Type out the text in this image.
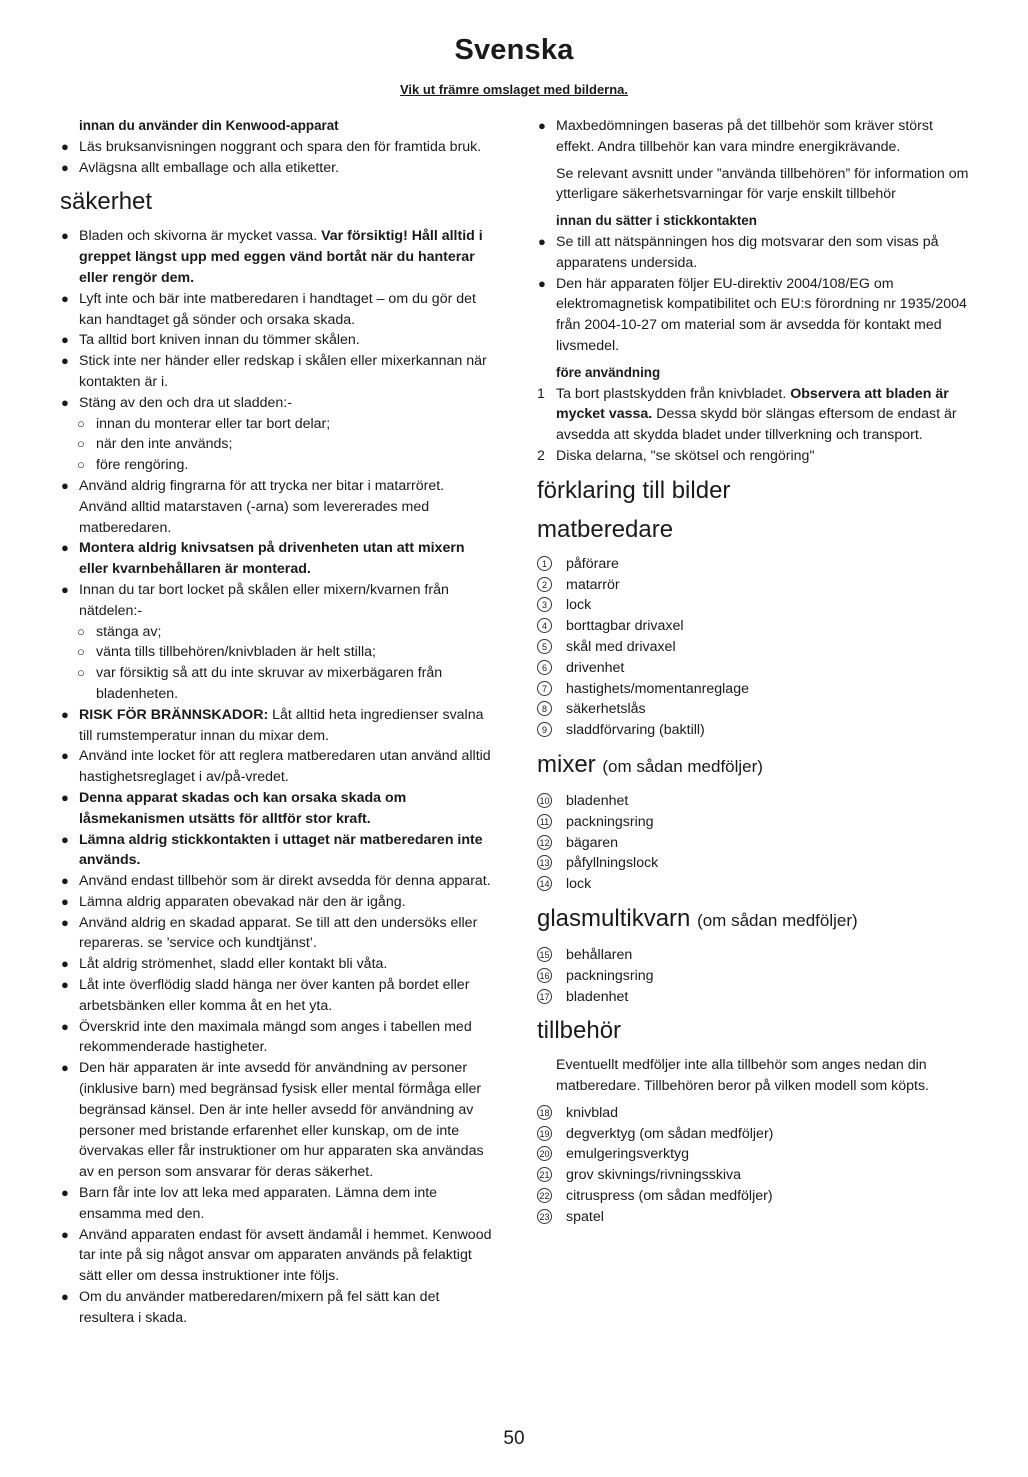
Svenska
Vik ut främre omslaget med bilderna.
innan du använder din Kenwood-apparat
● Läs bruksanvisningen noggrant och spara den för framtida bruk.
● Avlägsna allt emballage och alla etiketter.
säkerhet
● Bladen och skivorna är mycket vassa. Var försiktig! Håll alltid i greppet längst upp med eggen vänd bortåt när du hanterar eller rengör dem.
● Lyft inte och bär inte matberedaren i handtaget – om du gör det kan handtaget gå sönder och orsaka skada.
● Ta alltid bort kniven innan du tömmer skålen.
● Stick inte ner händer eller redskap i skålen eller mixerkannan när kontakten är i.
● Stäng av den och dra ut sladden:-
○ innan du monterar eller tar bort delar;
○ när den inte används;
○ före rengöring.
● Använd aldrig fingrarna för att trycka ner bitar i matarröret. Använd alltid matarstaven (-arna) som levererades med matberedaren.
● Montera aldrig knivsatsen på drivenheten utan att mixern eller kvarnbehållaren är monterad.
● Innan du tar bort locket på skålen eller mixern/kvarnen från nätdelen:-
○ stänga av;
○ vänta tills tillbehören/knivbladen är helt stilla;
○ var försiktig så att du inte skruvar av mixerbägaren från bladenheten.
● RISK FÖR BRÄNNSKADOR: Låt alltid heta ingredienser svalna till rumstemperatur innan du mixar dem.
● Använd inte locket för att reglera matberedaren utan använd alltid hastighetsreglaget i av/på-vredet.
● Denna apparat skadas och kan orsaka skada om låsmekanismen utsätts för alltför stor kraft.
● Lämna aldrig stickkontakten i uttaget när matberedaren inte används.
● Använd endast tillbehör som är direkt avsedda för denna apparat.
● Lämna aldrig apparaten obevakad när den är igång.
● Använd aldrig en skadad apparat. Se till att den undersöks eller repareras. se ’service och kundtjänst’.
● Låt aldrig strömenhet, sladd eller kontakt bli våta.
● Låt inte överflödig sladd hänga ner över kanten på bordet eller arbetsbänken eller komma åt en het yta.
● Överskrid inte den maximala mängd som anges i tabellen med rekommenderade hastigheter.
● Den här apparaten är inte avsedd för användning av personer (inklusive barn) med begränsad fysisk eller mental förmåga eller begränsad känsel. Den är inte heller avsedd för användning av personer med bristande erfarenhet eller kunskap, om de inte övervakas eller får instruktioner om hur apparaten ska användas av en person som ansvarar för deras säkerhet.
● Barn får inte lov att leka med apparaten. Lämna dem inte ensamma med den.
● Använd apparaten endast för avsett ändamål i hemmet. Kenwood tar inte på sig något ansvar om apparaten används på felaktigt sätt eller om dessa instruktioner inte följs.
● Om du använder matberedaren/mixern på fel sätt kan det resultera i skada.
● Maxbedömningen baseras på det tillbehör som kräver störst effekt. Andra tillbehör kan vara mindre energikrävande.
Se relevant avsnitt under ”använda tillbehören” för information om ytterligare säkerhetsvarningar för varje enskilt tillbehör
innan du sätter i stickkontakten
● Se till att nätspänningen hos dig motsvarar den som visas på apparatens undersida.
● Den här apparaten följer EU-direktiv 2004/108/EG om elektromagnetisk kompatibilitet och EU:s förordning nr 1935/2004 från 2004-10-27 om material som är avsedda för kontakt med livsmedel.
före användning
1 Ta bort plastskydden från knivbladet. Observera att bladen är mycket vassa. Dessa skydd bör slängas eftersom de endast är avsedda att skydda bladet under tillverkning och transport.
2 Diska delarna, "se skötsel och rengöring"
förklaring till bilder
matberedare
1	påförare
2	matarrör
3	lock
4	borttagbar drivaxel
5	skål med drivaxel
6	drivenhet
7	hastighets/momentanreglage
8	säkerhetslås
9	sladdförvaring (baktill)
mixer (om sådan medföljer)
10 bladenhet
11 packningsring
12 bägaren
13 påfyllningslock
14 lock
glasmultikvarn (om sådan medföljer)
15 behållaren
16 packningsring
17 bladenhet
tillbehör
Eventuellt medföljer inte alla tillbehör som anges nedan din matberedare. Tillbehören beror på vilken modell som köpts.
18 knivblad
19 degverktyg (om sådan medföljer)
20 emulgeringsverktyg
21 grov skivnings/rivningsskiva
22 citruspress (om sådan medföljer)
23 spatel
50
